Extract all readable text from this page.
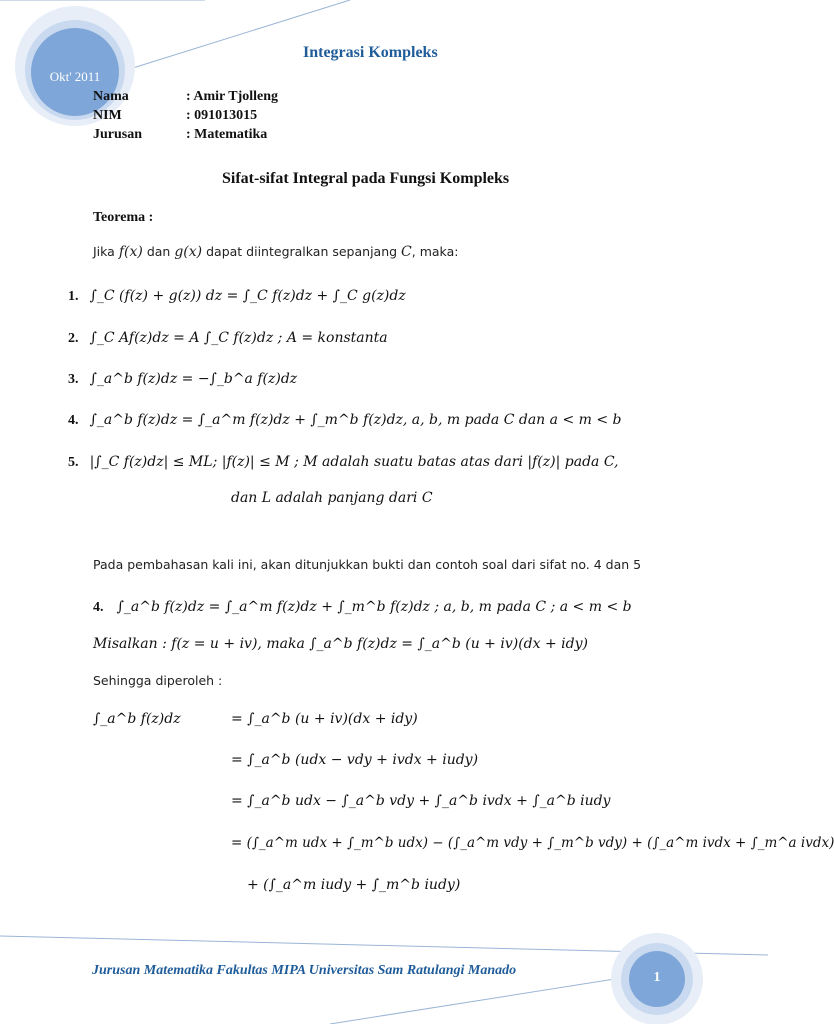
Okt' 2011
Integrasi Kompleks
Nama	: Amir Tjolleng
NIM	: 091013015
Jurusan	: Matematika
Sifat-sifat Integral pada Fungsi Kompleks
Teorema :
Jika f(x) dan g(x) dapat diintegralkan sepanjang C, maka:
1. ∫_C (f(z) + g(z)) dz = ∫_C f(z)dz + ∫_C g(z)dz
2. ∫_C Af(z)dz = A ∫_C f(z)dz ; A = konstanta
3. ∫_a^b f(z)dz = −∫_b^a f(z)dz
4. ∫_a^b f(z)dz = ∫_a^m f(z)dz + ∫_m^b f(z)dz, a, b, m pada C dan a < m < b
5. |∫_C f(z)dz| ≤ ML; |f(z)| ≤ M ; M adalah suatu batas atas dari |f(z)| pada C,
dan L adalah panjang dari C
Pada pembahasan kali ini, akan ditunjukkan bukti dan contoh soal dari sifat no. 4 dan 5
4. ∫_a^b f(z)dz = ∫_a^m f(z)dz + ∫_m^b f(z)dz ; a, b, m pada C ; a < m < b
Misalkan : f(z = u + iv), maka ∫_a^b f(z)dz = ∫_a^b (u + iv)(dx + idy)
Sehingga diperoleh :
∫_a^b f(z)dz	= ∫_a^b (u + iv)(dx + idy)
= ∫_a^b (udx − vdy + ivdx + iudy)
= ∫_a^b udx − ∫_a^b vdy + ∫_a^b ivdx + ∫_a^b iudy
= (∫_a^m udx + ∫_m^b udx) − (∫_a^m vdy + ∫_m^b vdy) + (∫_a^m ivdx + ∫_m^a ivdx)
+ (∫_a^m iudy + ∫_m^b iudy)
Jurusan Matematika Fakultas MIPA Universitas Sam Ratulangi Manado	1
